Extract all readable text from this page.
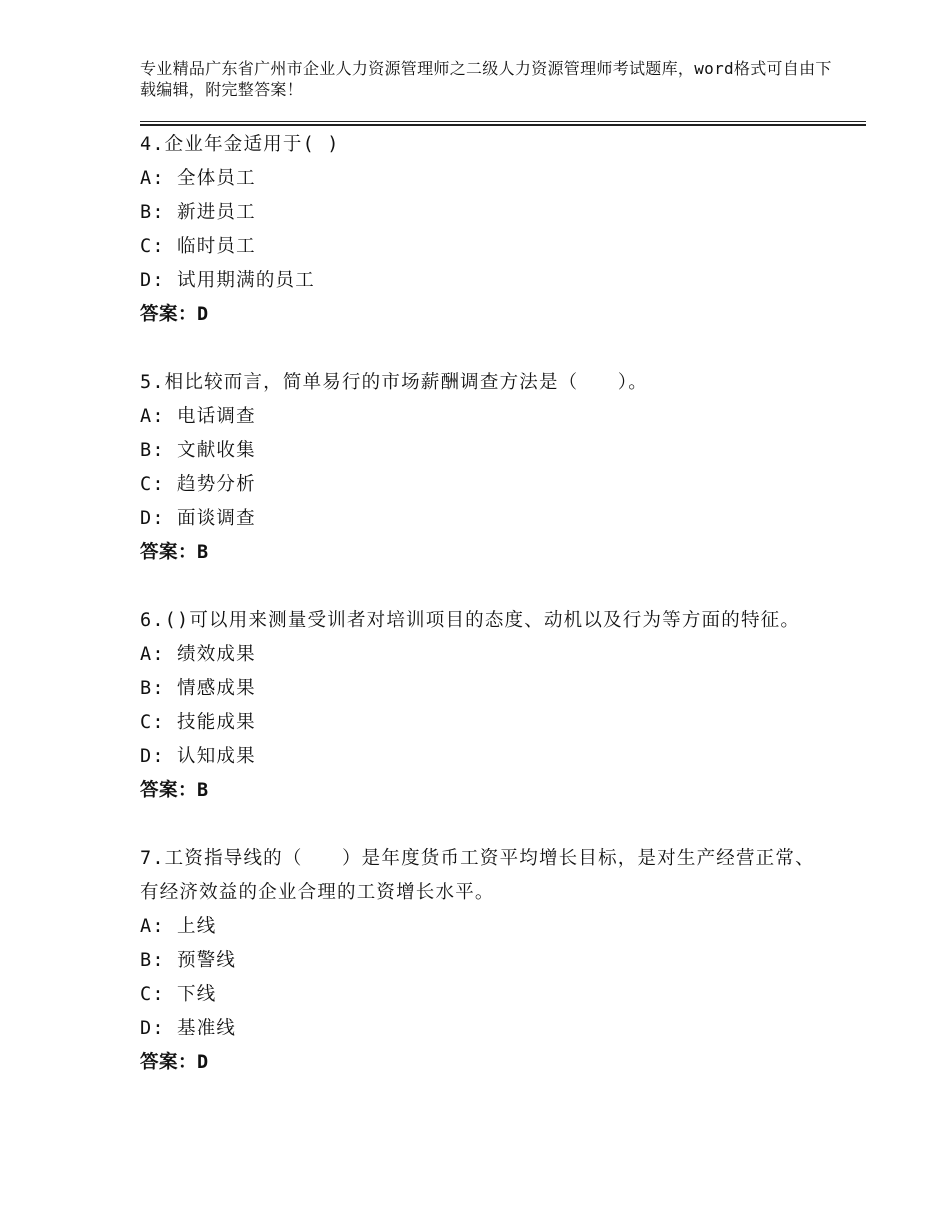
专业精品广东省广州市企业人力资源管理师之二级人力资源管理师考试题库，word格式可自由下载编辑，附完整答案！
4.企业年金适用于( )
A: 全体员工
B: 新进员工
C: 临时员工
D: 试用期满的员工
答案：D
5.相比较而言，简单易行的市场薪酬调查方法是（　　）。
A: 电话调查
B: 文献收集
C: 趋势分析
D: 面谈调查
答案：B
6.()可以用来测量受训者对培训项目的态度、动机以及行为等方面的特征。
A: 绩效成果
B: 情感成果
C: 技能成果
D: 认知成果
答案：B
7.工资指导线的（　　）是年度货币工资平均增长目标，是对生产经营正常、有经济效益的企业合理的工资增长水平。
A: 上线
B: 预警线
C: 下线
D: 基准线
答案：D
